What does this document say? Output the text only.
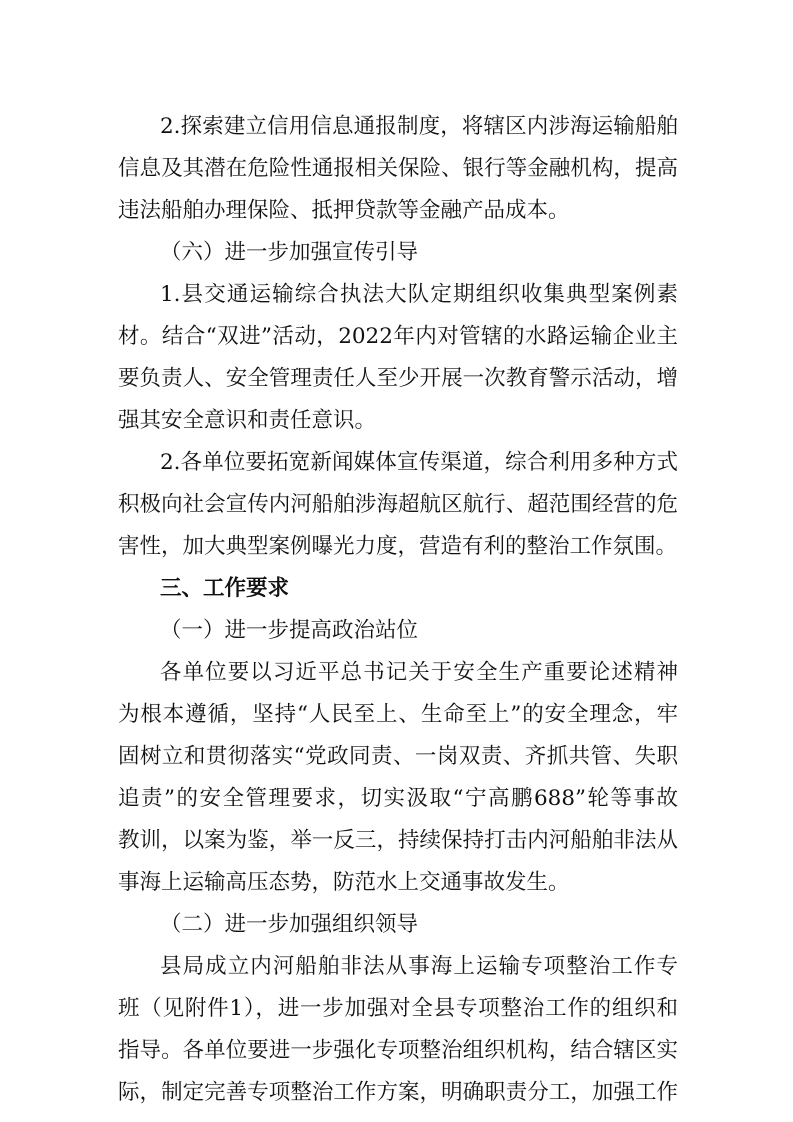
2.探索建立信用信息通报制度，将辖区内涉海运输船舶
信息及其潜在危险性通报相关保险、银行等金融机构，提高
违法船舶办理保险、抵押贷款等金融产品成本。
（六）进一步加强宣传引导
1.县交通运输综合执法大队定期组织收集典型案例素
材。结合“双进”活动，2022年内对管辖的水路运输企业主
要负责人、安全管理责任人至少开展一次教育警示活动，增
强其安全意识和责任意识。
2.各单位要拓宽新闻媒体宣传渠道，综合利用多种方式
积极向社会宣传内河船舶涉海超航区航行、超范围经营的危
害性，加大典型案例曝光力度，营造有利的整治工作氛围。
三、工作要求
（一）进一步提高政治站位
各单位要以习近平总书记关于安全生产重要论述精神
为根本遵循，坚持“人民至上、生命至上”的安全理念，牢
固树立和贯彻落实“党政同责、一岗双责、齐抓共管、失职
追责”的安全管理要求，切实汲取“宁高鹏688”轮等事故
教训，以案为鉴，举一反三，持续保持打击内河船舶非法从
事海上运输高压态势，防范水上交通事故发生。
（二）进一步加强组织领导
县局成立内河船舶非法从事海上运输专项整治工作专
班（见附件1），进一步加强对全县专项整治工作的组织和
指导。各单位要进一步强化专项整治组织机构，结合辖区实
际，制定完善专项整治工作方案，明确职责分工，加强工作
